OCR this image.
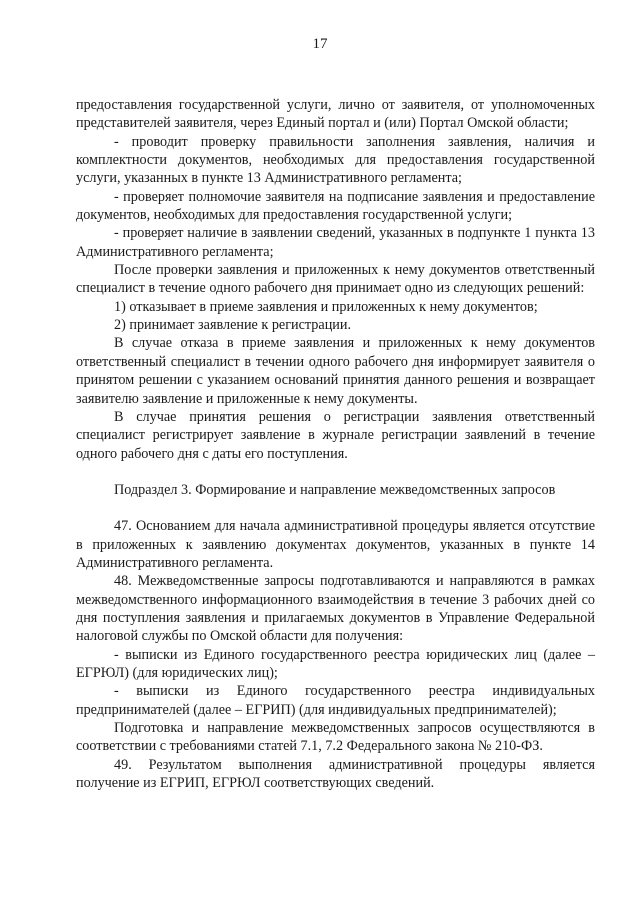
17

предоставления государственной услуги, лично от заявителя, от уполномоченных представителей заявителя, через Единый портал и (или) Портал Омской области;

- проводит проверку правильности заполнения заявления, наличия и комплектности документов, необходимых для предоставления государственной услуги, указанных в пункте 13 Административного регламента;

- проверяет полномочие заявителя на подписание заявления и предоставление документов, необходимых для предоставления государственной услуги;

- проверяет наличие в заявлении сведений, указанных в подпункте 1 пункта 13 Административного регламента;

После проверки заявления и приложенных к нему документов ответственный специалист в течение одного рабочего дня принимает одно из следующих решений:

1) отказывает в приеме заявления и приложенных к нему документов;

2) принимает заявление к регистрации.

В случае отказа в приеме заявления и приложенных к нему документов ответственный специалист в течении одного рабочего дня информирует заявителя о принятом решении с указанием оснований принятия данного решения и возвращает заявителю заявление и приложенные к нему документы.

В случае принятия решения о регистрации заявления ответственный специалист регистрирует заявление в журнале регистрации заявлений в течение одного рабочего дня с даты его поступления.

Подраздел 3. Формирование и направление межведомственных запросов

47. Основанием для начала административной процедуры является отсутствие в приложенных к заявлению документах документов, указанных в пункте 14 Административного регламента.

48. Межведомственные запросы подготавливаются и направляются в рамках межведомственного информационного взаимодействия в течение 3 рабочих дней со дня поступления заявления и прилагаемых документов в Управление Федеральной налоговой службы по Омской области для получения:

- выписки из Единого государственного реестра юридических лиц (далее – ЕГРЮЛ) (для юридических лиц);

- выписки из Единого государственного реестра индивидуальных предпринимателей (далее – ЕГРИП) (для индивидуальных предпринимателей);

Подготовка и направление межведомственных запросов осуществляются в соответствии с требованиями статей 7.1, 7.2 Федерального закона № 210-ФЗ.

49. Результатом выполнения административной процедуры является получение из ЕГРИП, ЕГРЮЛ соответствующих сведений.
